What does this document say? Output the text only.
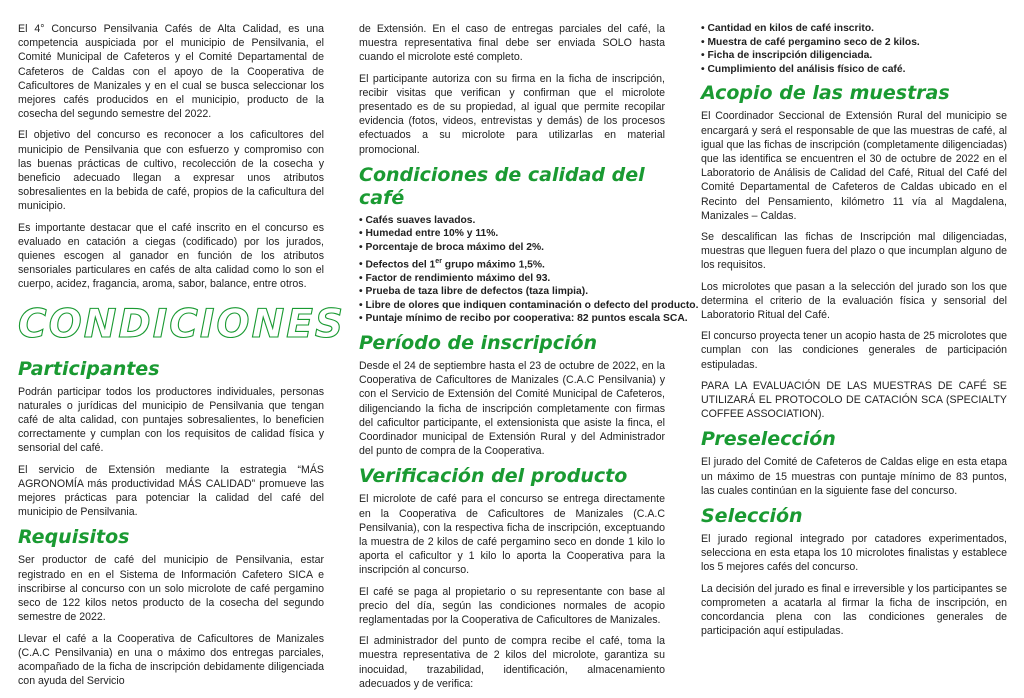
El 4° Concurso Pensilvania Cafés de Alta Calidad, es una competencia auspiciada por el municipio de Pensilvania, el Comité Municipal de Cafeteros y el Comité Departamental de Cafeteros de Caldas con el apoyo de la Cooperativa de Caficultores de Manizales y en el cual se busca seleccionar los mejores cafés producidos en el municipio, producto de la cosecha del segundo semestre del 2022.

El objetivo del concurso es reconocer a los caficultores del municipio de Pensilvania que con esfuerzo y compromiso con las buenas prácticas de cultivo, recolección de la cosecha y beneficio adecuado llegan a expresar unos atributos sobresalientes en la bebida de café, propios de la caficultura del municipio.

Es importante destacar que el café inscrito en el concurso es evaluado en catación a ciegas (codificado) por los jurados, quienes escogen al ganador en función de los atributos sensoriales particulares en cafés de alta calidad como lo son el cuerpo, acidez, fragancia, aroma, sabor, balance, entre otros.

CONDICIONES
Participantes

Podrán participar todos los productores individuales, personas naturales o jurídicas del municipio de Pensilvania que tengan café de alta calidad, con puntajes sobresalientes, lo beneficien correctamente y cumplan con los requisitos de calidad física y sensorial del café.

El servicio de Extensión mediante la estrategia “MÁS AGRONOMÍA más productividad MÁS CALIDAD” promueve las mejores prácticas para potenciar la calidad del café del municipio de Pensilvania.

Requisitos

Ser productor de café del municipio de Pensilvania, estar registrado en en el Sistema de Información Cafetero SICA e inscribirse al concurso con un solo microlote de café pergamino seco de 122 kilos netos producto de la cosecha del segundo semestre de 2022.

Llevar el café a la Cooperativa de Caficultores de Manizales (C.A.C Pensilvania) en una o máximo dos entregas parciales, acompañado de la ficha de inscripción debidamente diligenciada con ayuda del Servicio

de Extensión. En el caso de entregas parciales del café, la muestra representativa final debe ser enviada SOLO hasta cuando el microlote esté completo.

El participante autoriza con su firma en la ficha de inscripción, recibir visitas que verifican y confirman que el microlote presentado es de su propiedad, al igual que permite recopilar evidencia (fotos, videos, entrevistas y demás) de los procesos efectuados a su microlote para utilizarlas en material promocional.

Condiciones de calidad del café
• Cafés suaves lavados.
• Humedad entre 10% y 11%.
• Porcentaje de broca máximo del 2%.
• Defectos del 1er grupo máximo 1,5%.
• Factor de rendimiento máximo del 93.
• Prueba de taza libre de defectos (taza limpia).
• Libre de olores que indiquen contaminación o defecto del producto.
• Puntaje mínimo de recibo por cooperativa: 82 puntos escala SCA.
Período de inscripción

Desde el 24 de septiembre hasta el 23 de octubre de 2022, en la Cooperativa de Caficultores de Manizales (C.A.C Pensilvania) y con el Servicio de Extensión del Comité Municipal de Cafeteros, diligenciando la ficha de inscripción completamente con firmas del caficultor participante, el extensionista que asiste la finca, el Coordinador municipal de Extensión Rural y del Administrador del punto de compra de la Cooperativa.

Verificación del producto

El microlote de café para el concurso se entrega directamente en la Cooperativa de Caficultores de Manizales (C.A.C Pensilvania), con la respectiva ficha de inscripción, exceptuando la muestra de 2 kilos de café pergamino seco en donde 1 kilo lo aporta el caficultor y 1 kilo lo aporta la Cooperativa para la inscripción al concurso.

El café se paga al propietario o su representante con base al precio del día, según las condiciones normales de acopio reglamentadas por la Cooperativa de Caficultores de Manizales.

El administrador del punto de compra recibe el café, toma la muestra representativa de 2 kilos del microlote, garantiza su inocuidad, trazabilidad, identificación, almacenamiento adecuados y de verifica:

• Cantidad en kilos de café inscrito.
• Muestra de café pergamino seco de 2 kilos.
• Ficha de inscripción diligenciada.
• Cumplimiento del análisis físico de café.
Acopio de las muestras

El Coordinador Seccional de Extensión Rural del municipio se encargará y será el responsable de que las muestras de café, al igual que las fichas de inscripción (completamente diligenciadas) que las identifica se encuentren el 30 de octubre de 2022 en el Laboratorio de Análisis de Calidad del Café, Ritual del Café del Comité Departamental de Cafeteros de Caldas ubicado en el Recinto del Pensamiento, kilómetro 11 vía al Magdalena, Manizales – Caldas.

Se descalifican las fichas de Inscripción mal diligenciadas, muestras que lleguen fuera del plazo o que incumplan alguno de los requisitos.

Los microlotes que pasan a la selección del jurado son los que determina el criterio de la evaluación física y sensorial del Laboratorio Ritual del Café.

El concurso proyecta tener un acopio hasta de 25 microlotes que cumplan con las condiciones generales de participación estipuladas.

PARA LA EVALUACIÓN DE LAS MUESTRAS DE CAFÉ SE UTILIZARÁ EL PROTOCOLO DE CATACIÓN SCA (SPECIALTY COFFEE ASSOCIATION).

Preselección

El jurado del Comité de Cafeteros de Caldas elige en esta etapa un máximo de 15 muestras con puntaje mínimo de 83 puntos, las cuales continúan en la siguiente fase del concurso.

Selección

El jurado regional integrado por catadores experimentados, selecciona en esta etapa los 10 microlotes finalistas y establece los 5 mejores cafés del concurso.

La decisión del jurado es final e irreversible y los participantes se comprometen a acatarla al firmar la ficha de inscripción, en concordancia plena con las condiciones generales de participación aquí estipuladas.
